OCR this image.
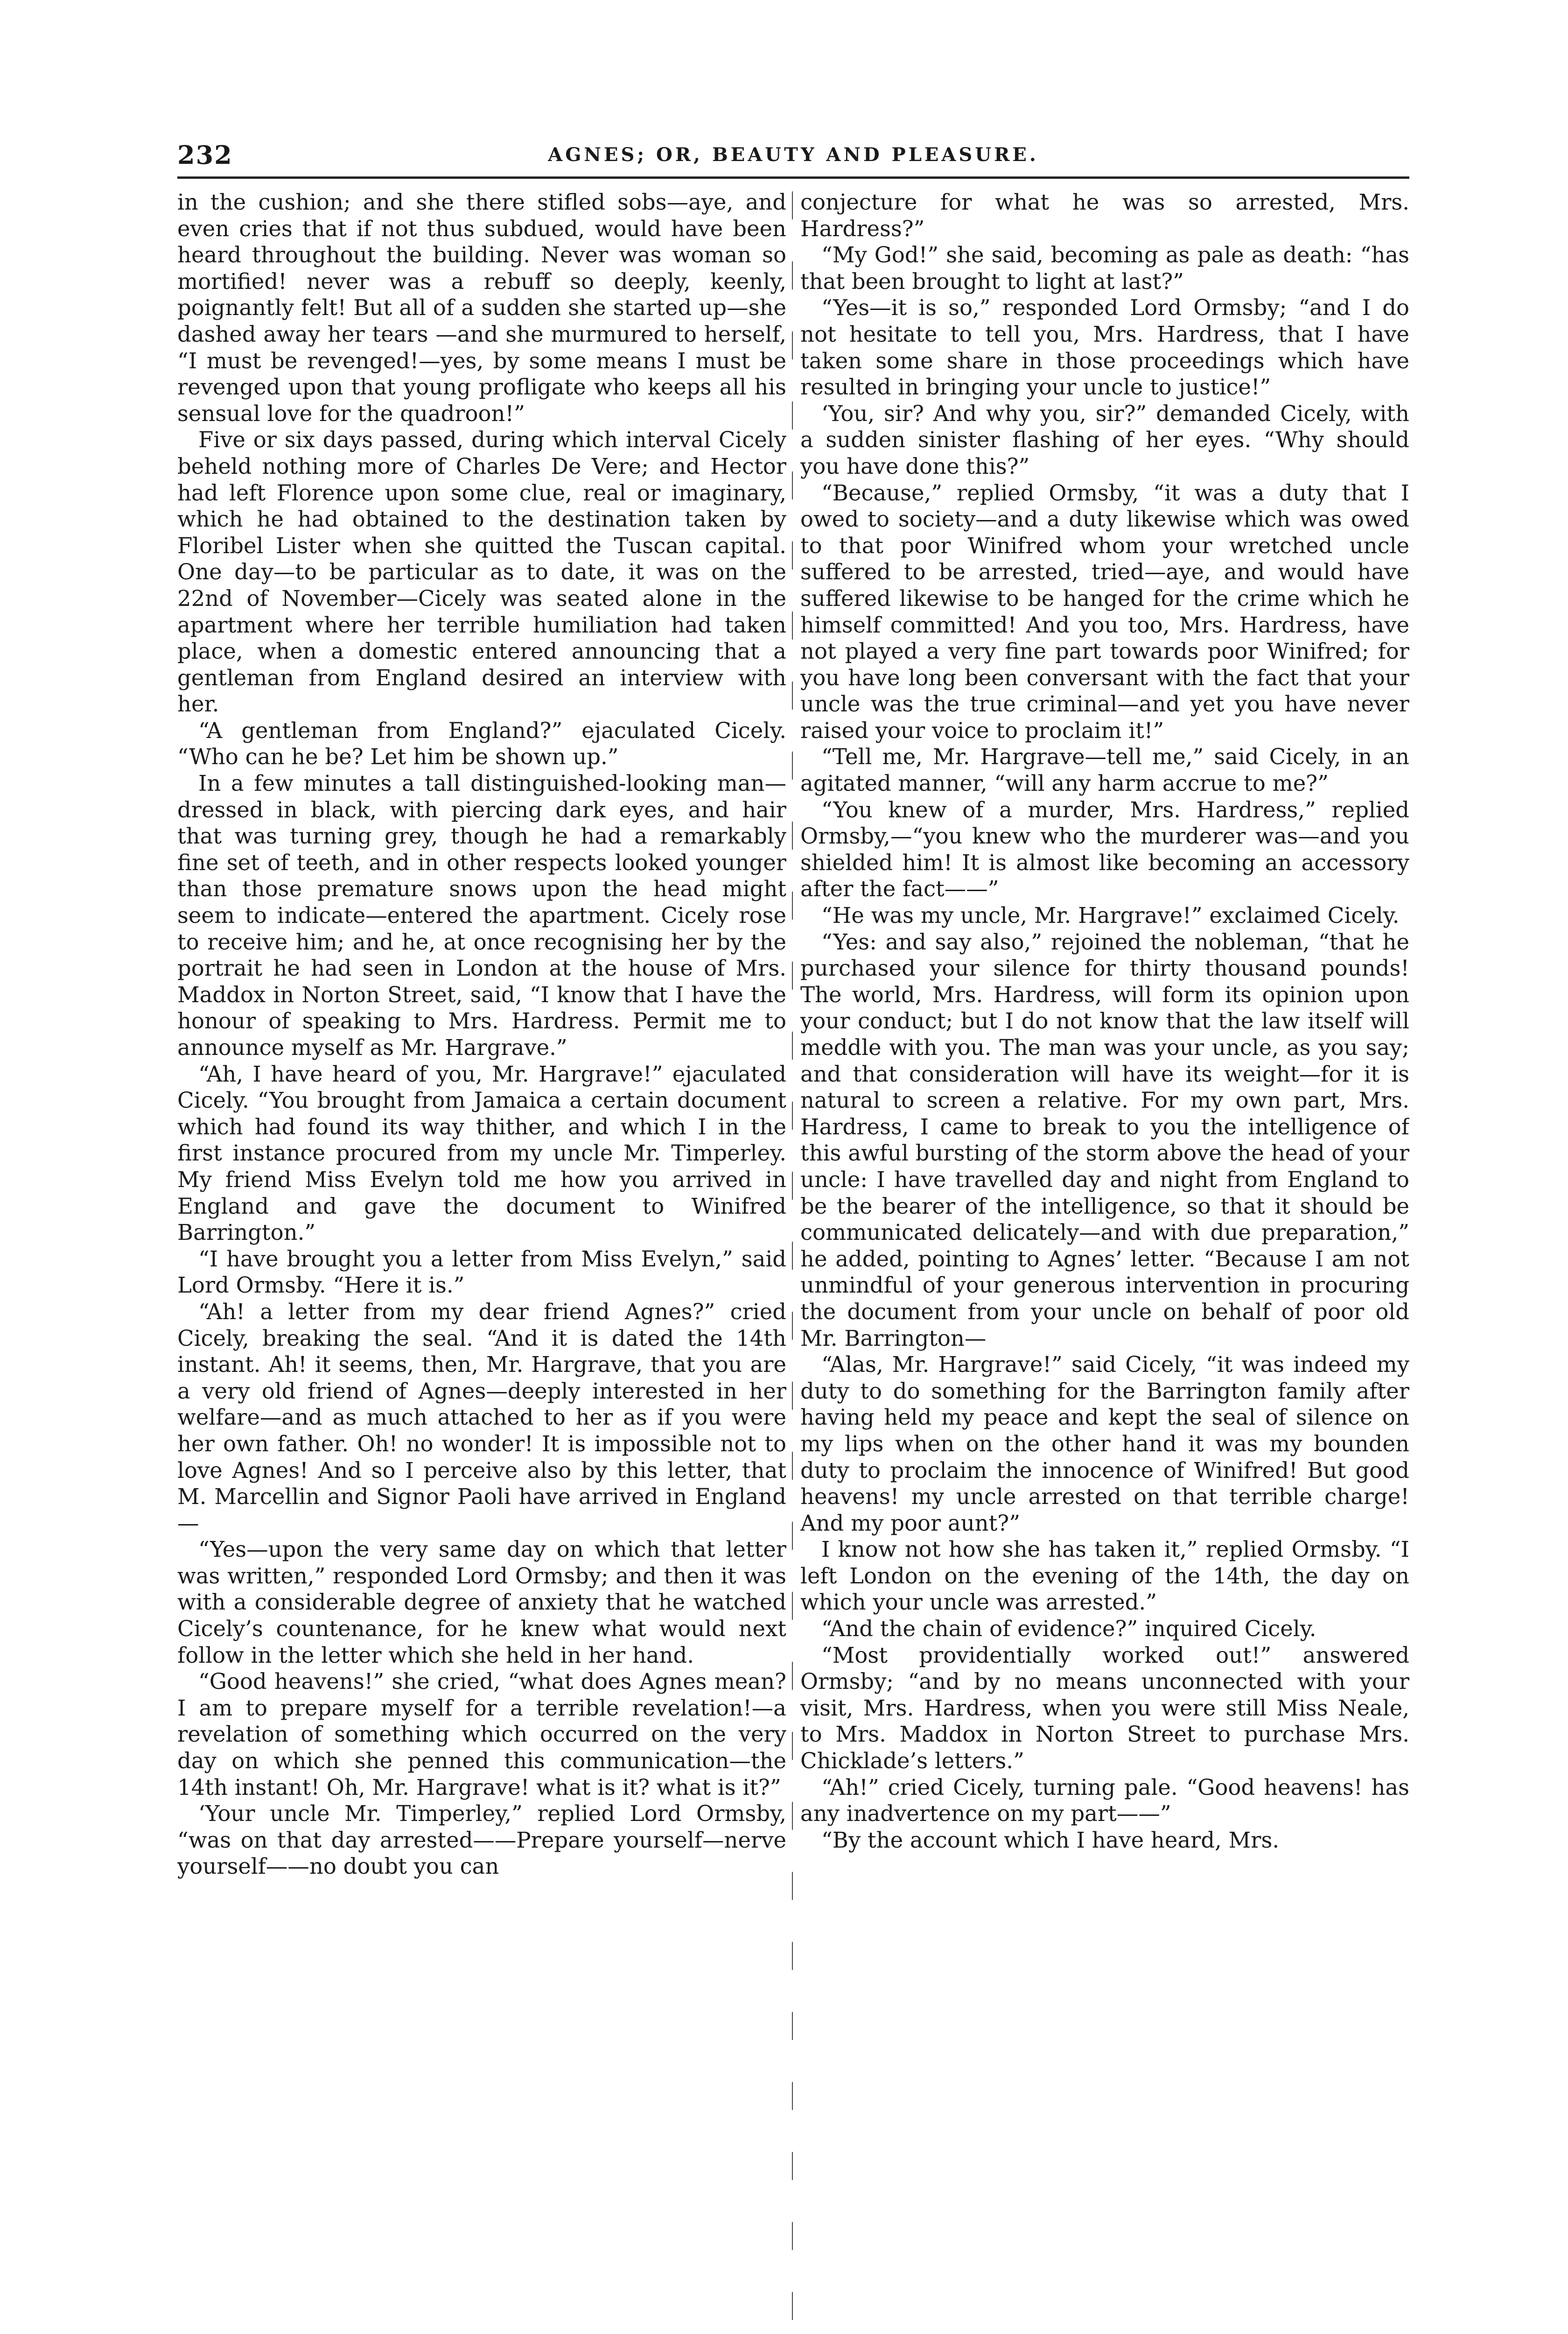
232	AGNES; OR, BEAUTY AND PLEASURE.

in the cushion; and she there stifled sobs—aye, and even cries that if not thus subdued, would have been heard throughout the building. Never was woman so mortified! never was a rebuff so deeply, keenly, poignantly felt! But all of a sudden she started up—she dashed away her tears —and she murmured to herself, “I must be revenged!—yes, by some means I must be revenged upon that young profligate who keeps all his sensual love for the quadroon!”

Five or six days passed, during which interval Cicely beheld nothing more of Charles De Vere; and Hector had left Florence upon some clue, real or imaginary, which he had obtained to the destination taken by Floribel Lister when she quitted the Tuscan capital. One day—to be particular as to date, it was on the 22nd of November—Cicely was seated alone in the apartment where her terrible humiliation had taken place, when a domestic entered announcing that a gentleman from England desired an interview with her.

“A gentleman from England?” ejaculated Cicely. “Who can he be? Let him be shown up.”

In a few minutes a tall distinguished-looking man—dressed in black, with piercing dark eyes, and hair that was turning grey, though he had a remarkably fine set of teeth, and in other respects looked younger than those premature snows upon the head might seem to indicate—entered the apartment. Cicely rose to receive him; and he, at once recognising her by the portrait he had seen in London at the house of Mrs. Maddox in Norton Street, said, “I know that I have the honour of speaking to Mrs. Hardress. Permit me to announce myself as Mr. Hargrave.”

“Ah, I have heard of you, Mr. Hargrave!” ejaculated Cicely. “You brought from Jamaica a certain document which had found its way thither, and which I in the first instance procured from my uncle Mr. Timperley. My friend Miss Evelyn told me how you arrived in England and gave the document to Winifred Barrington.”

“I have brought you a letter from Miss Evelyn,” said Lord Ormsby. “Here it is.”

“Ah! a letter from my dear friend Agnes?” cried Cicely, breaking the seal. “And it is dated the 14th instant. Ah! it seems, then, Mr. Hargrave, that you are a very old friend of Agnes—deeply interested in her welfare—and as much attached to her as if you were her own father. Oh! no wonder! It is impossible not to love Agnes! And so I perceive also by this letter, that M. Marcellin and Signor Paoli have arrived in England—

“Yes—upon the very same day on which that letter was written,” responded Lord Ormsby; and then it was with a considerable degree of anxiety that he watched Cicely’s countenance, for he knew what would next follow in the letter which she held in her hand.

“Good heavens!” she cried, “what does Agnes mean? I am to prepare myself for a terrible revelation!—a revelation of something which occurred on the very day on which she penned this communication—the 14th instant! Oh, Mr. Hargrave! what is it? what is it?”

‘Your uncle Mr. Timperley,” replied Lord Ormsby, “was on that day arrested——Prepare yourself—nerve yourself——no doubt you can

conjecture for what he was so arrested, Mrs. Hardress?”

“My God!” she said, becoming as pale as death: “has that been brought to light at last?”

“Yes—it is so,” responded Lord Ormsby; “and I do not hesitate to tell you, Mrs. Hardress, that I have taken some share in those proceedings which have resulted in bringing your uncle to justice!”

‘You, sir? And why you, sir?” demanded Cicely, with a sudden sinister flashing of her eyes. “Why should you have done this?”

“Because,” replied Ormsby, “it was a duty that I owed to society—and a duty likewise which was owed to that poor Winifred whom your wretched uncle suffered to be arrested, tried—aye, and would have suffered likewise to be hanged for the crime which he himself committed! And you too, Mrs. Hardress, have not played a very fine part towards poor Winifred; for you have long been conversant with the fact that your uncle was the true criminal—and yet you have never raised your voice to proclaim it!”

“Tell me, Mr. Hargrave—tell me,” said Cicely, in an agitated manner, “will any harm accrue to me?”

“You knew of a murder, Mrs. Hardress,” replied Ormsby,—“you knew who the murderer was—and you shielded him! It is almost like becoming an accessory after the fact——”

“He was my uncle, Mr. Hargrave!” exclaimed Cicely.

“Yes: and say also,” rejoined the nobleman, “that he purchased your silence for thirty thousand pounds! The world, Mrs. Hardress, will form its opinion upon your conduct; but I do not know that the law itself will meddle with you. The man was your uncle, as you say; and that consideration will have its weight—for it is natural to screen a relative. For my own part, Mrs. Hardress, I came to break to you the intelligence of this awful bursting of the storm above the head of your uncle: I have travelled day and night from England to be the bearer of the intelligence, so that it should be communicated delicately—and with due preparation,” he added, pointing to Agnes’ letter. “Because I am not unmindful of your generous intervention in procuring the document from your uncle on behalf of poor old Mr. Barrington—

“Alas, Mr. Hargrave!” said Cicely, “it was indeed my duty to do something for the Barrington family after having held my peace and kept the seal of silence on my lips when on the other hand it was my bounden duty to proclaim the innocence of Winifred! But good heavens! my uncle arrested on that terrible charge! And my poor aunt?”

I know not how she has taken it,” replied Ormsby. “I left London on the evening of the 14th, the day on which your uncle was arrested.”

“And the chain of evidence?” inquired Cicely.

“Most providentially worked out!” answered Ormsby; “and by no means unconnected with your visit, Mrs. Hardress, when you were still Miss Neale, to Mrs. Maddox in Norton Street to purchase Mrs. Chicklade’s letters.”

“Ah!” cried Cicely, turning pale. “Good heavens! has any inadvertence on my part——”

“By the account which I have heard, Mrs.
